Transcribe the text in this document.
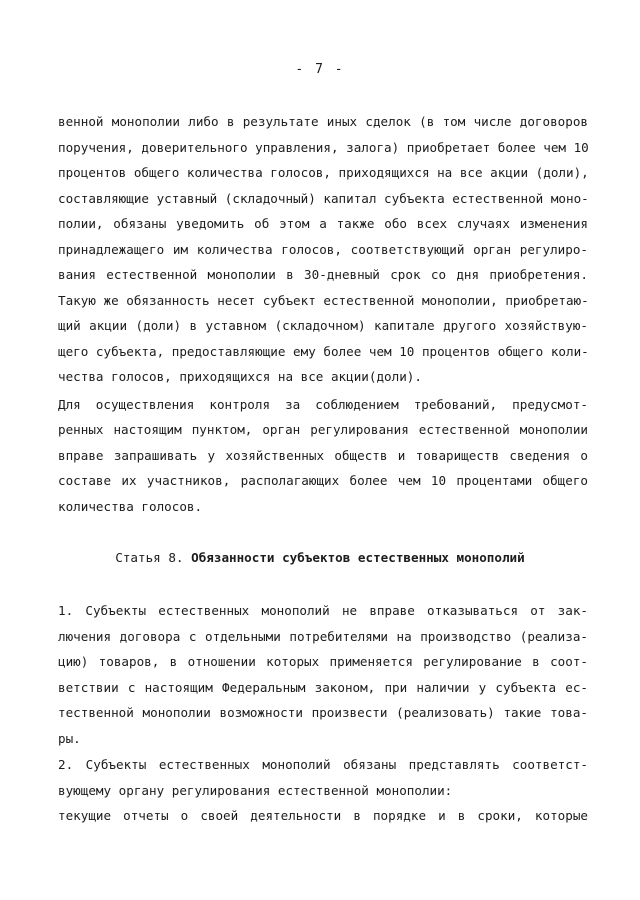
- 7 -
венной монополии либо в результате иных сделок (в том числе договоров
поручения, доверительного управления, залога) приобретает более чем 10
процентов общего количества голосов, приходящихся на все акции (доли),
составляющие уставный (складочный) капитал субъекта естественной моно-
полии, обязаны уведомить об этом а также обо всех случаях изменения
принадлежащего им количества голосов, соответствующий орган регулиро-
вания естественной монополии в 30-дневный срок со дня приобретения.
Такую же обязанность несет субъект естественной монополии, приобретаю-
щий акции (доли) в уставном (складочном) капитале другого хозяйствую-
щего субъекта, предоставляющие ему более чем 10 процентов общего коли-
чества голосов, приходящихся на все акции(доли).
Для осуществления контроля за соблюдением требований, предусмот-
ренных настоящим пунктом, орган регулирования естественной монополии
вправе запрашивать у хозяйственных обществ и товариществ сведения о
составе их участников, располагающих более чем 10 процентами общего
количества голосов.
Статья 8. Обязанности субъектов естественных монополий
1. Субъекты естественных монополий не вправе отказываться от зак-
лючения договора с отдельными потребителями на производство (реализа-
цию) товаров, в отношении которых применяется регулирование в соот-
ветствии с настоящим Федеральным законом, при наличии у субъекта ес-
тественной монополии возможности произвести (реализовать) такие това-
ры.
2. Субъекты естественных монополий обязаны представлять соответст-
вующему органу регулирования естественной монополии:
текущие отчеты о своей деятельности в порядке и в сроки, которые
